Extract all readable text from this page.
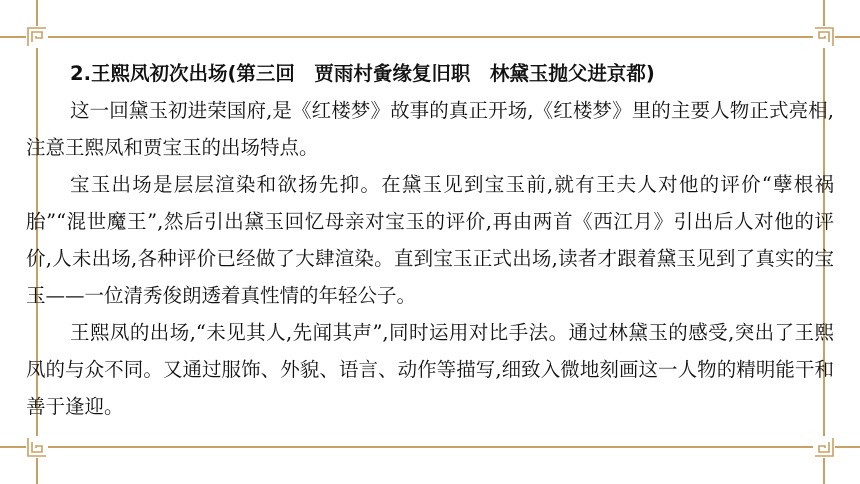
2.王熙凤初次出场(第三回　贾雨村夤缘复旧职　林黛玉抛父进京都)

这一回黛玉初进荣国府,是《红楼梦》故事的真正开场,《红楼梦》里的主要人物正式亮相,注意王熙凤和贾宝玉的出场特点。

宝玉出场是层层渲染和欲扬先抑。在黛玉见到宝玉前,就有王夫人对他的评价“孽根祸胎”“混世魔王”,然后引出黛玉回忆母亲对宝玉的评价,再由两首《西江月》引出后人对他的评价,人未出场,各种评价已经做了大肆渲染。直到宝玉正式出场,读者才跟着黛玉见到了真实的宝玉——一位清秀俊朗透着真性情的年轻公子。

王熙凤的出场,“未见其人,先闻其声”,同时运用对比手法。通过林黛玉的感受,突出了王熙凤的与众不同。又通过服饰、外貌、语言、动作等描写,细致入微地刻画这一人物的精明能干和善于逢迎。
